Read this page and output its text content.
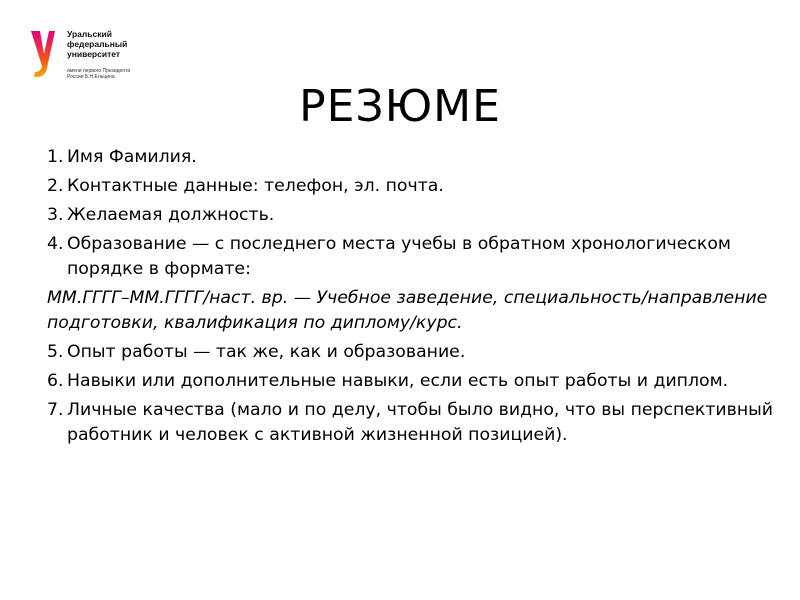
Уральский
федеральный
университет
имени первого Президента России Б.Н.Ельцина
РЕЗЮМЕ
1. Имя Фамилия.
2. Контактные данные: телефон, эл. почта.
3. Желаемая должность.
4. Образование — с последнего места учебы в обратном хронологическом порядке в формате:
ММ.ГГГГ–ММ.ГГГГ/наст. вр. — Учебное заведение, специальность/направление подготовки, квалификация по диплому/курс.
5. Опыт работы — так же, как и образование.
6. Навыки или дополнительные навыки, если есть опыт работы и диплом.
7. Личные качества (мало и по делу, чтобы было видно, что вы перспективный работник и человек с активной жизненной позицией).
